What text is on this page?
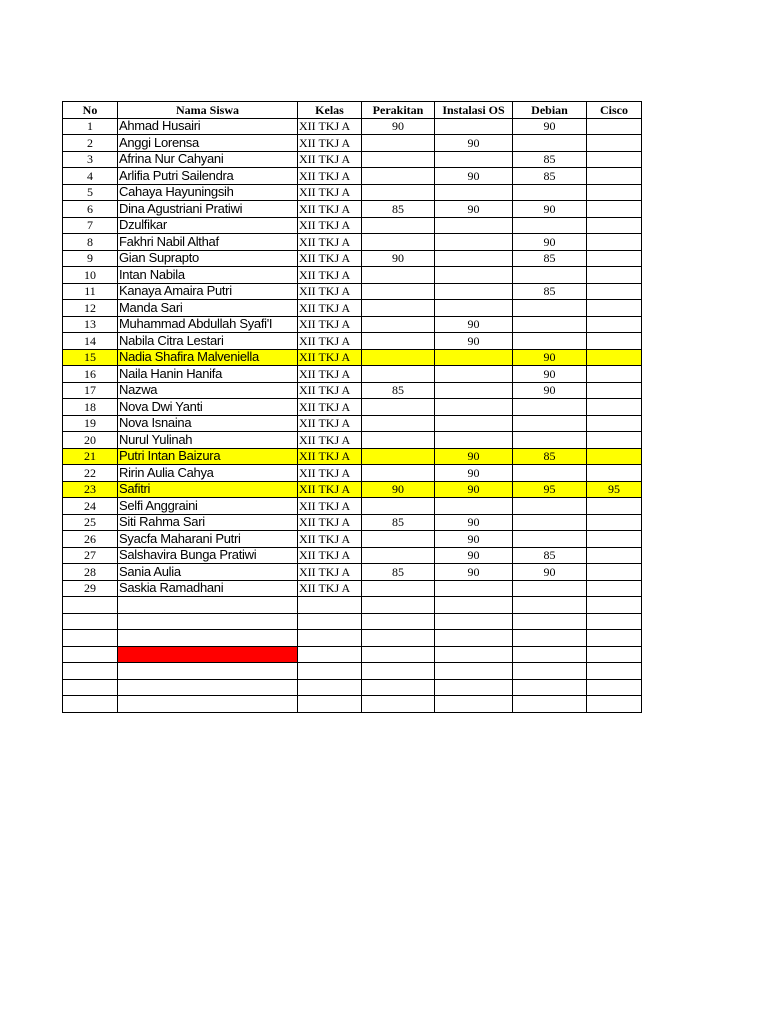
No	Nama Siswa	Kelas	Perakitan	Instalasi OS	Debian	Cisco
1	Ahmad Husairi	XII TKJ A	90		90	
2	Anggi Lorensa	XII TKJ A		90		
3	Afrina Nur Cahyani	XII TKJ A			85	
4	Arlifia Putri Sailendra	XII TKJ A		90	85	
5	Cahaya Hayuningsih	XII TKJ A				
6	Dina Agustriani Pratiwi	XII TKJ A	85	90	90	
7	Dzulfikar	XII TKJ A				
8	Fakhri Nabil Althaf	XII TKJ A			90	
9	Gian Suprapto	XII TKJ A	90		85	
10	Intan Nabila	XII TKJ A				
11	Kanaya Amaira Putri	XII TKJ A			85	
12	Manda Sari	XII TKJ A				
13	Muhammad Abdullah Syafi'I	XII TKJ A		90		
14	Nabila Citra Lestari	XII TKJ A		90		
15	Nadia Shafira Malveniella	XII TKJ A			90	
16	Naila Hanin Hanifa	XII TKJ A			90	
17	Nazwa	XII TKJ A	85		90	
18	Nova Dwi Yanti	XII TKJ A				
19	Nova Isnaina	XII TKJ A				
20	Nurul Yulinah	XII TKJ A				
21	Putri Intan Baizura	XII TKJ A		90	85	
22	Ririn Aulia Cahya	XII TKJ A		90		
23	Safitri	XII TKJ A	90	90	95	95
24	Selfi Anggraini	XII TKJ A				
25	Siti Rahma Sari	XII TKJ A	85	90		
26	Syacfa Maharani Putri	XII TKJ A		90		
27	Salshavira Bunga Pratiwi	XII TKJ A		90	85	
28	Sania Aulia	XII TKJ A	85	90	90	
29	Saskia Ramadhani	XII TKJ A				
